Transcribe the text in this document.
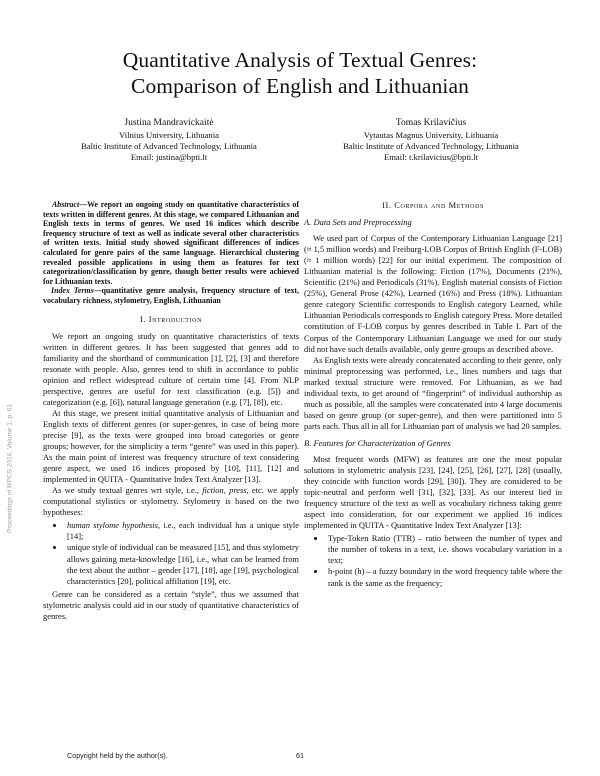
Quantitative Analysis of Textual Genres:
Comparison of English and Lithuanian
Justina Mandravickaitė
Vilnius University, Lithuania
Baltic Institute of Advanced Technology, Lithuania
Email: justina@bpti.lt
Tomas Krilavičius
Vytautas Magnus University, Lithuania
Baltic Institute of Advanced Technology, Lithuania
Email: t.krilavicius@bpti.lt
Proceedings of MPCS 2016, Volume 1, p. 61

Abstract—We report an ongoing study on quantitative characteristics of texts written in different genres. At this stage, we compared Lithuanian and English texts in terms of genres. We used 16 indices which describe frequency structure of text as well as indicate several other characteristics of written texts. Initial study showed significant differences of indices calculated for genre pairs of the same language. Hierarchical clustering revealed possible applications in using them as features for text categorization/classification by genre, though better results were achieved for Lithuanian texts.

Index Terms—quantitative genre analysis, frequency structure of text, vocabulary richness, stylometry, English, Lithuanian

I. Introduction

We report an ongoing study on quantitative characteristics of texts written in different genres. It has been suggested that genres add to familiarity and the shorthand of communication [1], [2], [3] and therefore resonate with people. Also, genres tend to shift in accordance to public opinion and reflect widespread culture of certain time [4]. From NLP perspective, genres are useful for text classification (e.g. [5]) and categorization (e.g. [6]), natural language generation (e.g. [7], [8]), etc.

At this stage, we present initial quantitative analysis of Lithuanian and English texts of different genres (or super-genres, in case of being more precise [9], as the texts were grouped into broad categories or genre groups; however, for the simplicity a term “genre” was used in this paper). As the main point of interest was frequency structure of text considering genre aspect, we used 16 indices proposed by [10], [11], [12] and implemented in QUITA - Quantitative Index Text Analyzer [13].

As we study textual genres wrt style, i.e., fiction, press, etc. we apply computational stylistics or stylometry. Stylometry is based on the two hypotheses:

• human stylome hypothesis, i.e., each individual has a unique style [14];
• unique style of individual can be measured [15], and thus stylometry allows gaining meta-knowledge [16], i.e., what can be learned from the text about the author – gender [17], [18], age [19], psychological characteristics [20], political affiliation [19], etc.

Genre can be considered as a certain ”style”, thus we assumed that stylometric analysis could aid in our study of quantitative characteristics of genres.

II. Corpora and Methods
A. Data Sets and Preprocessing

We used part of Corpus of the Contemporary Lithuanian Language [21] (≈ 1,5 million words) and Freiburg-LOB Corpus of British English (F-LOB) (≈ 1 million words) [22] for our initial experiment. The composition of Lithuanian material is the following: Fiction (17%), Documents (21%), Scientific (21%) and Periodicals (31%). English material consists of Fiction (25%), General Prose (42%), Learned (16%) and Press (18%). Lithuanian genre category Scientific corresponds to English category Learned, while Lithuanian Periodicals corresponds to English category Press. More detailed constitution of F-LOB corpus by genres described in Table I. Part of the Corpus of the Contemporary Lithuanian Language we used for our study did not have such details available, only genre groups as described above.

As English texts were already concatenated according to their genre, only minimal preprocessing was performed, i.e., lines numbers and tags that marked textual structure were removed. For Lithuanian, as we had individual texts, to get around of “fingerprint” of individual authorship as much as possible, all the samples were concatenated into 4 large documents based on genre group (or super-genre), and then were partitioned into 5 parts each. Thus all in all for Lithuanian part of analysis we had 20 samples.

B. Features for Characterization of Genres

Most frequent words (MFW) as features are one the most popular solutions in stylometric analysis [23], [24], [25], [26], [27], [28] (usually, they coincide with function words [29], [30]). They are considered to be topic-neutral and perform well [31], [32], [33]. As our interest lied in frequency structure of the text as well as vocabulary richness taking genre aspect into consideration, for our experiment we applied 16 indices implemented in QUITA - Quantitative Index Text Analyzer [13]:

• Type-Token Ratio (TTR) – ratio between the number of types and the number of tokens in a text, i.e. shows vocabulary variation in a text;
• h-point (h) – a fuzzy boundary in the word frequency table where the rank is the same as the frequency;
Copyright held by the author(s).	61
